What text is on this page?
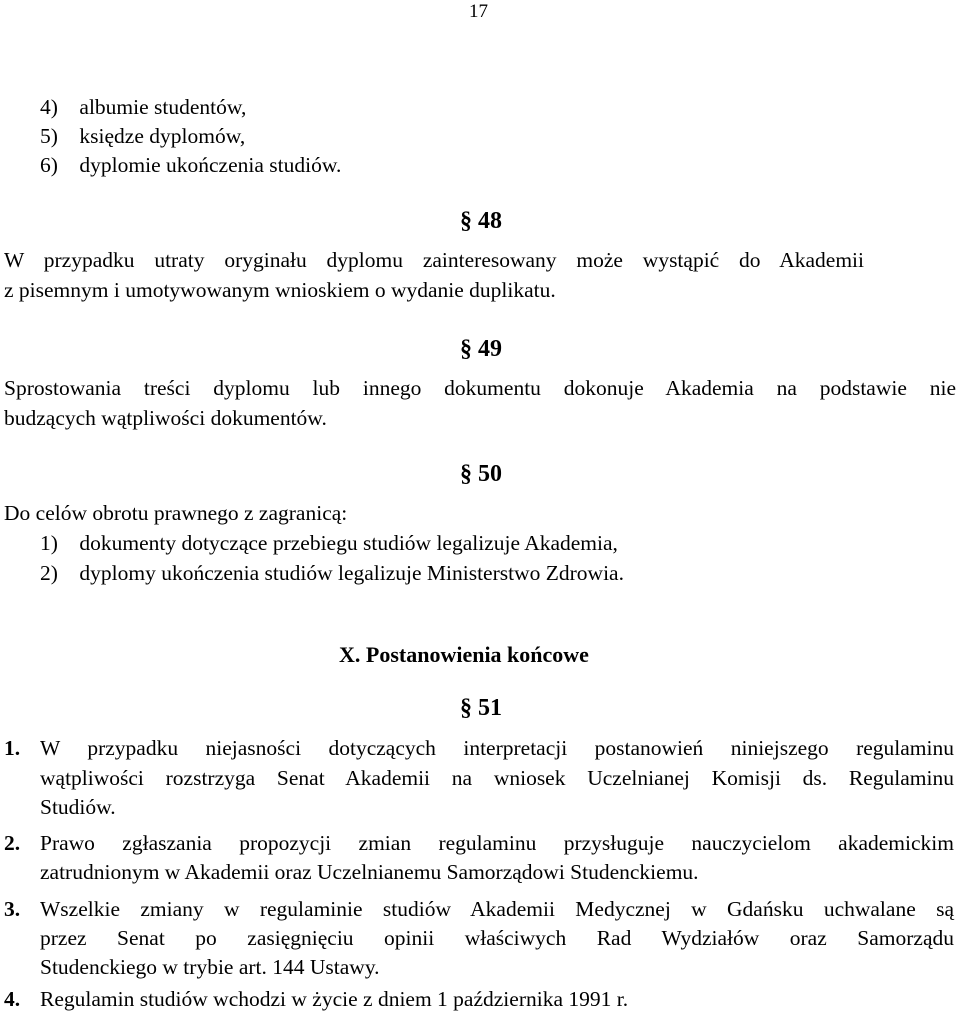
17
4) albumie studentów,
5) księdze dyplomów,
6) dyplomie ukończenia studiów.
§ 48
W przypadku utraty oryginału dyplomu zainteresowany może wystąpić do Akademii
z pisemnym i umotywowanym wnioskiem o wydanie duplikatu.
§ 49
Sprostowania treści dyplomu lub innego dokumentu dokonuje Akademia na podstawie nie
budzących wątpliwości dokumentów.
§ 50
Do celów obrotu prawnego z zagranicą:
1) dokumenty dotyczące przebiegu studiów legalizuje Akademia,
2) dyplomy ukończenia studiów legalizuje Ministerstwo Zdrowia.
X. Postanowienia końcowe
§ 51
1. W przypadku niejasności dotyczących interpretacji postanowień niniejszego regulaminu
wątpliwości rozstrzyga Senat Akademii na wniosek Uczelnianej Komisji ds. Regulaminu
Studiów.
2. Prawo zgłaszania propozycji zmian regulaminu przysługuje nauczycielom akademickim
zatrudnionym w Akademii oraz Uczelnianemu Samorządowi Studenckiemu.
3. Wszelkie zmiany w regulaminie studiów Akademii Medycznej w Gdańsku uchwalane są
przez Senat po zasięgnięciu opinii właściwych Rad Wydziałów oraz Samorządu
Studenckiego w trybie art. 144 Ustawy.
4. Regulamin studiów wchodzi w życie z dniem 1 października 1991 r.
